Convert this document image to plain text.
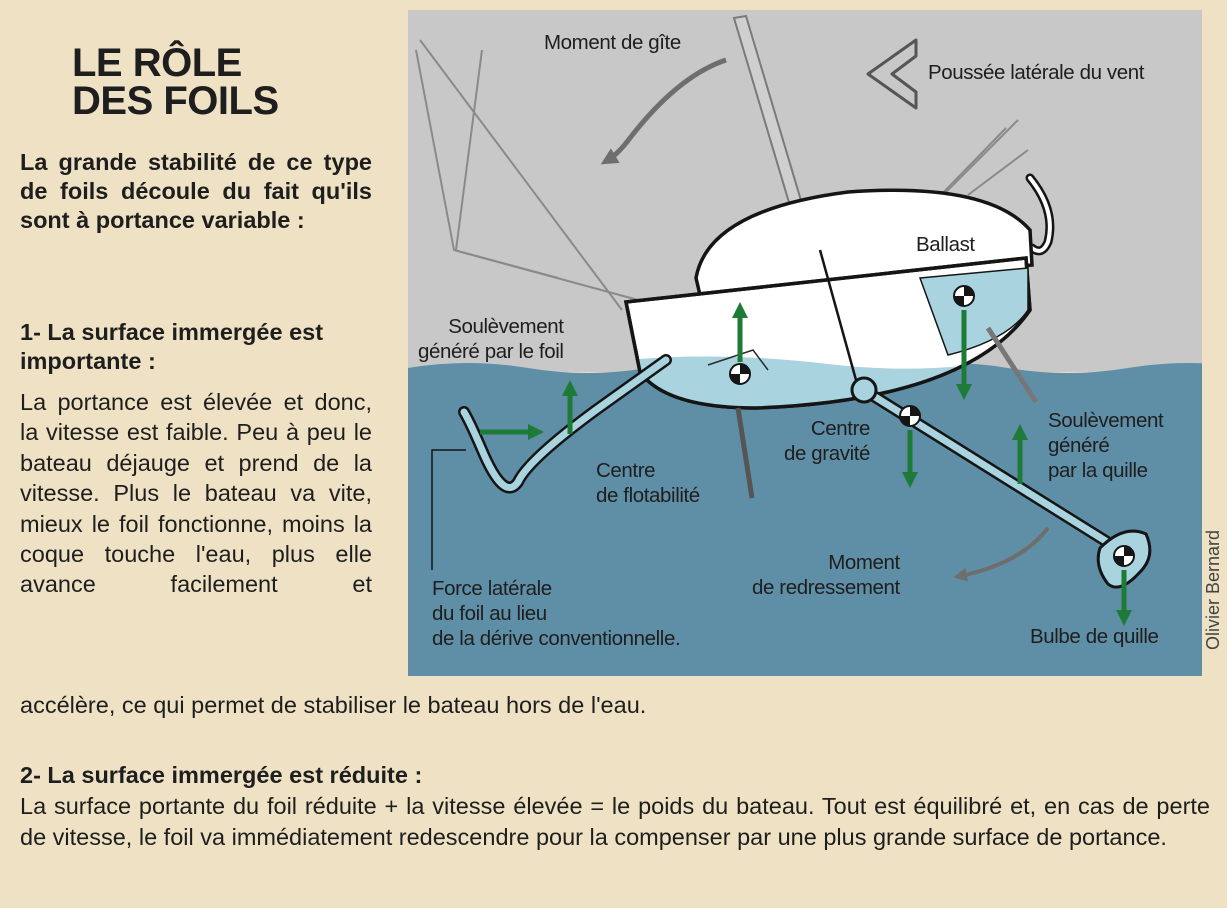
LE RÔLE
DES FOILS
La grande stabilité de ce type de foils découle du fait qu'ils sont à portance variable :
1- La surface immergée est importante :
La portance est élevée et donc, la vitesse est faible. Peu à peu le bateau déjauge et prend de la vitesse. Plus le bateau va vite, mieux le foil fonctionne, moins la coque touche l'eau, plus elle avance facilement et
accélère, ce qui permet de stabiliser le bateau hors de l'eau.
2- La surface immergée est réduite :
La surface portante du foil réduite + la vitesse élevée = le poids du bateau. Tout est équilibré et, en cas de perte de vitesse, le foil va immédiatement redescendre pour la compenser par une plus grande surface de portance.
Moment de gîte
Poussée latérale du vent
Ballast
Soulèvement
généré par le foil
Centre
de flotabilité
Centre
de gravité
Soulèvement
généré
par la quille
Moment
de redressement
Force latérale
du foil au lieu
de la dérive conventionnelle.	Bulbe de quille Olivier Bernard
